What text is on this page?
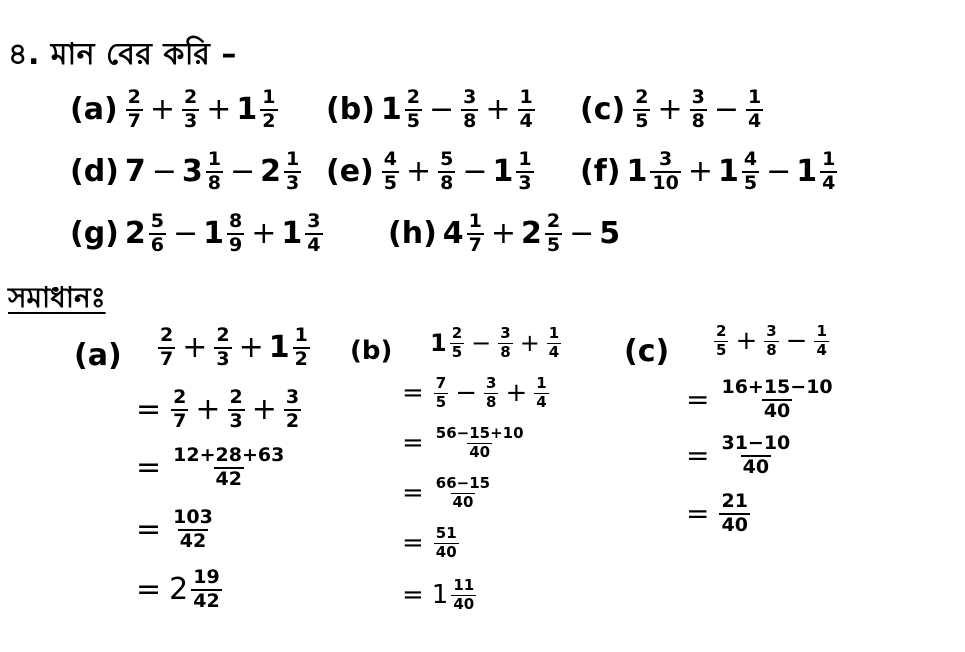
৪. মান বের করি –
$(a) \frac{2}{7} + \frac{2}{3} + 1 \frac{1}{2} (b)$ $1 \frac{2}{5} - \frac{3}{8} + \frac{1}{4} (c) \frac{2}{5} + \frac{3}{8} - \frac{1}{4}$
(d) $7 - 3 \frac{1}{8} - 2 \frac{1}{3} (e) \frac{4}{5} + \frac{5}{8} - 1 \frac{1}{3} (f)$ $1 \frac{3}{10} + 1 \frac{4}{5} - 1 \frac{1}{4}$
(g) $2 \frac{5}{6} - 1 \frac{8}{9} + 1 \frac{3}{4} (h)$ $4 \frac{1}{7} + 2 \frac{2}{5} - 5$
সমাধানঃ
$(a) \frac{2}{7} + \frac{2}{3} + 1 \frac{1}{2}$
= $\frac{2}{7} + \frac{2}{3} + \frac{3}{2}$
= $\frac{12+28+63}{42}$
= $\frac{103}{42}$
= $2 \frac{19}{42}$
(b) $1 \frac{2}{5} - \frac{3}{8} + \frac{1}{4}$
= $\frac{7}{5} - \frac{3}{8} + \frac{1}{4}$
= $\frac{56-15+10}{40}$
= $\frac{66-15}{40}$
= $\frac{51}{40}$
= $1 \frac{11}{40}$
(c)	$\frac{2}{5} + \frac{3}{8} - \frac{1}{4}$
= $\frac{16+15-10}{40}$
= $\frac{31-10}{40}$
= $\frac{21}{40}$
